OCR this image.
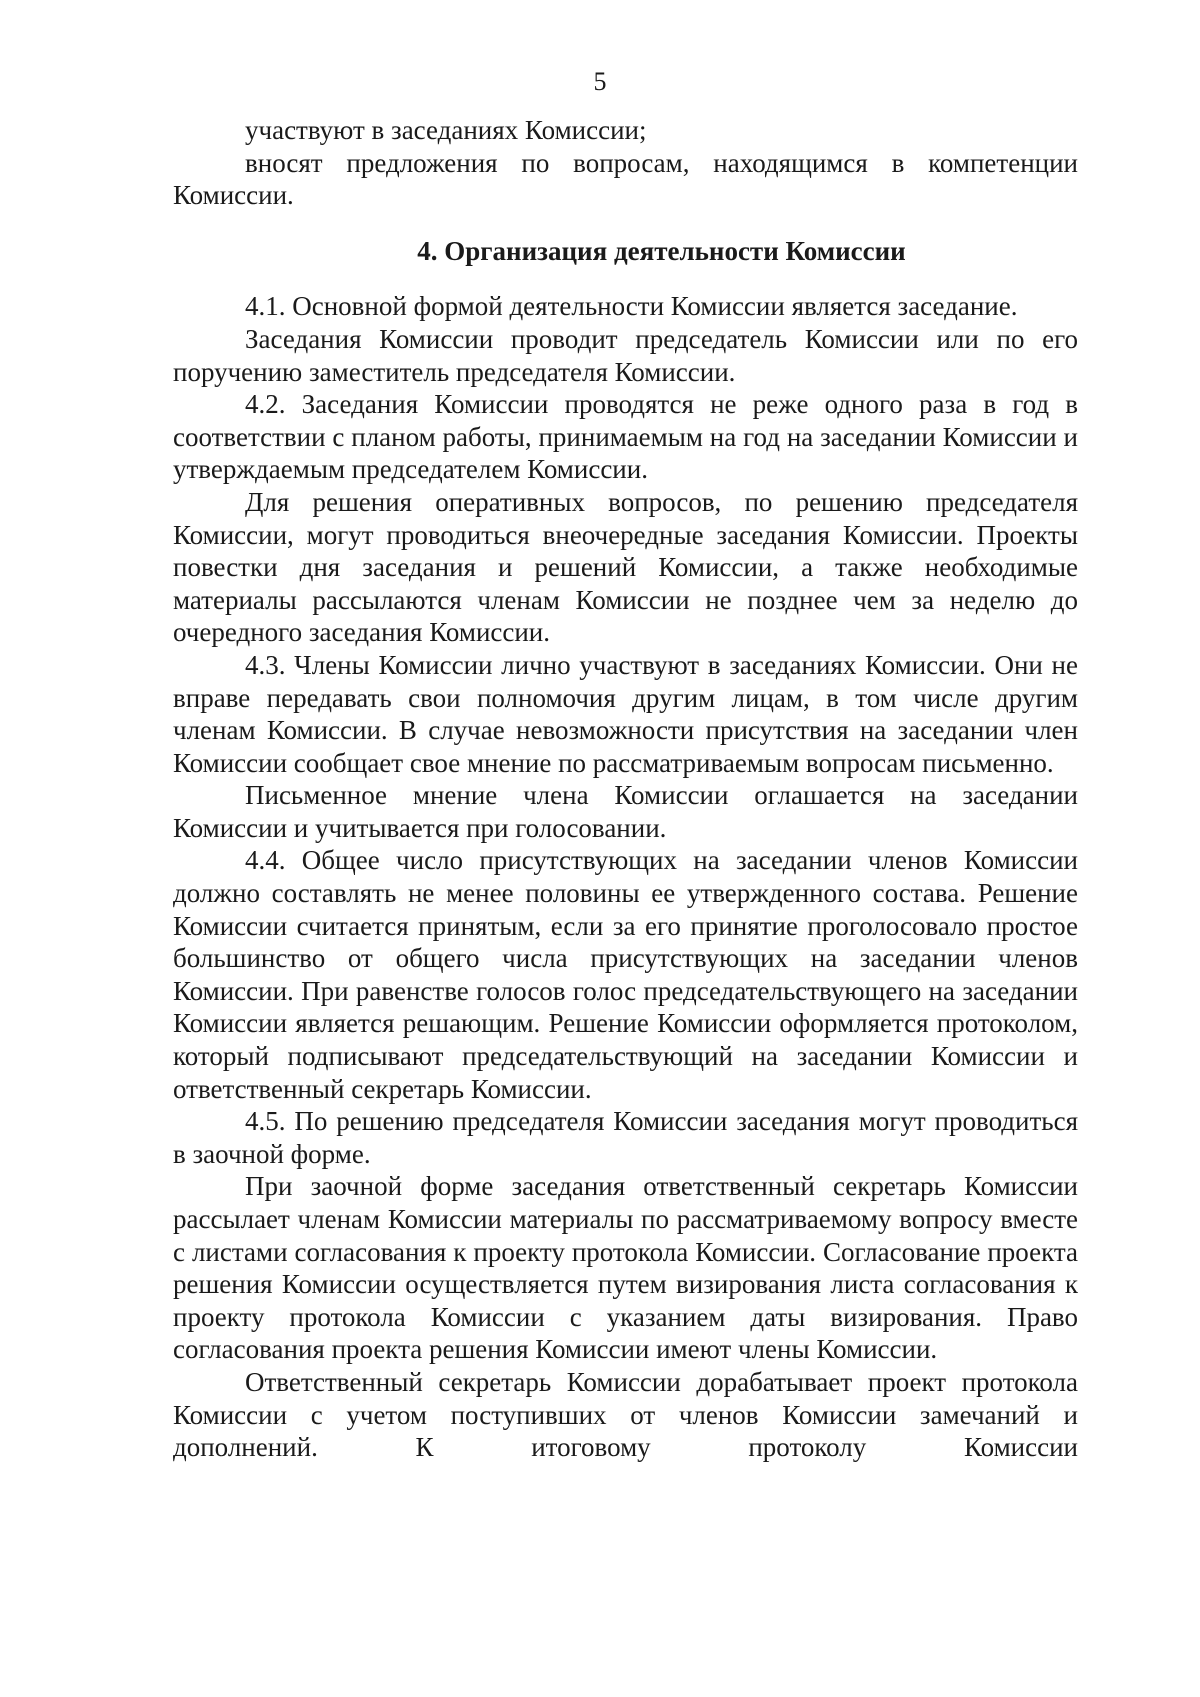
5

участвуют в заседаниях Комиссии;

вносят предложения по вопросам, находящимся в компетенции Комиссии.

4. Организация деятельности Комиссии

4.1. Основной формой деятельности Комиссии является заседание.

Заседания Комиссии проводит председатель Комиссии или по его поручению заместитель председателя Комиссии.

4.2. Заседания Комиссии проводятся не реже одного раза в год в соответствии с планом работы, принимаемым на год на заседании Комиссии и утверждаемым председателем Комиссии.

Для решения оперативных вопросов, по решению председателя Комиссии, могут проводиться внеочередные заседания Комиссии. Проекты повестки дня заседания и решений Комиссии, а также необходимые материалы рассылаются членам Комиссии не позднее чем за неделю до очередного заседания Комиссии.

4.3. Члены Комиссии лично участвуют в заседаниях Комиссии. Они не вправе передавать свои полномочия другим лицам, в том числе другим членам Комиссии. В случае невозможности присутствия на заседании член Комиссии сообщает свое мнение по рассматриваемым вопросам письменно.

Письменное мнение члена Комиссии оглашается на заседании Комиссии и учитывается при голосовании.

4.4. Общее число присутствующих на заседании членов Комиссии должно составлять не менее половины ее утвержденного состава. Решение Комиссии считается принятым, если за его принятие проголосовало простое большинство от общего числа присутствующих на заседании членов Комиссии. При равенстве голосов голос председательствующего на заседании Комиссии является решающим. Решение Комиссии оформляется протоколом, который подписывают председательствующий на заседании Комиссии и ответственный секретарь Комиссии.

4.5. По решению председателя Комиссии заседания могут проводиться в заочной форме.

При заочной форме заседания ответственный секретарь Комиссии рассылает членам Комиссии материалы по рассматриваемому вопросу вместе с листами согласования к проекту протокола Комиссии. Согласование проекта решения Комиссии осуществляется путем визирования листа согласования к проекту протокола Комиссии с указанием даты визирования. Право согласования проекта решения Комиссии имеют члены Комиссии.

Ответственный секретарь Комиссии дорабатывает проект протокола Комиссии с учетом поступивших от членов Комиссии замечаний и дополнений. К итоговому протоколу Комиссии
